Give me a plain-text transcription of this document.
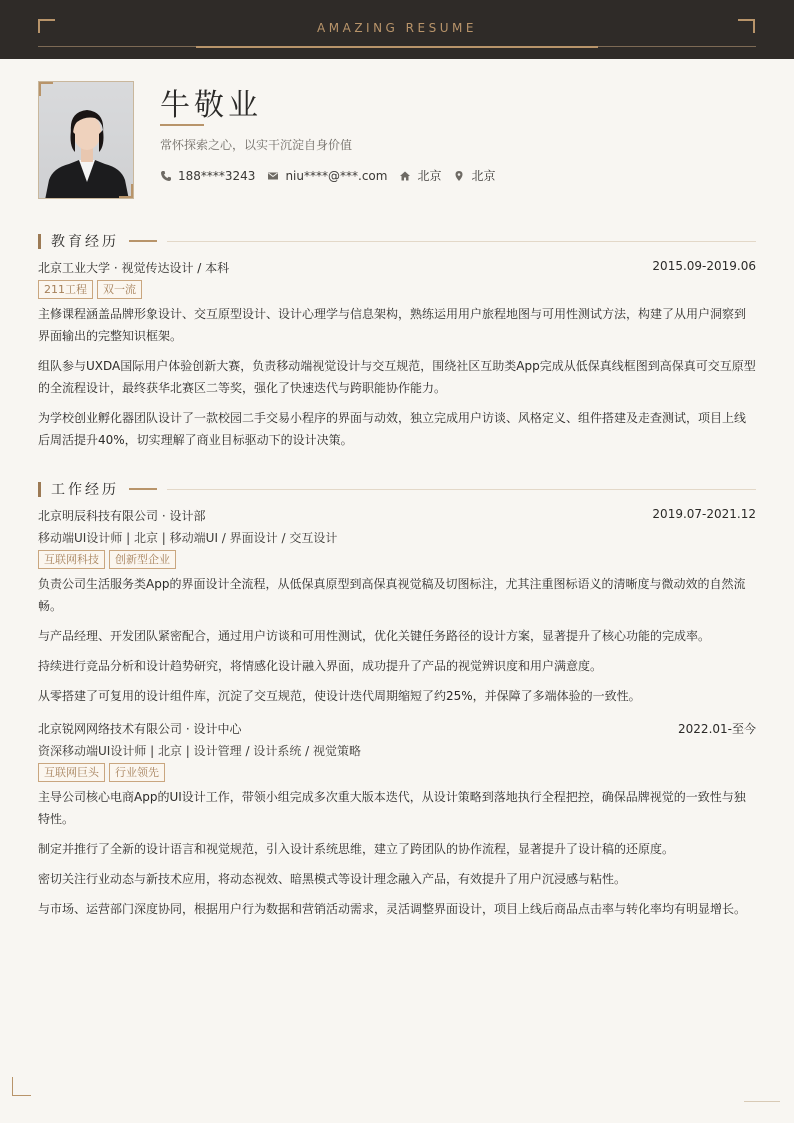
AMAZING RESUME
牛敬业
常怀探索之心，以实干沉淀自身价值
188****3243	niu****@***.com	北京	北京
教育经历
北京工业大学 · 视觉传达设计 / 本科	2015.09-2019.06
211工程	双一流
主修课程涵盖品牌形象设计、交互原型设计、设计心理学与信息架构，熟练运用用户旅程地图与可用性测试方法，构建了从用户洞察到界面输出的完整知识框架。
组队参与UXDA国际用户体验创新大赛，负责移动端视觉设计与交互规范，围绕社区互助类App完成从低保真线框图到高保真可交互原型的全流程设计，最终获华北赛区二等奖，强化了快速迭代与跨职能协作能力。
为学校创业孵化器团队设计了一款校园二手交易小程序的界面与动效，独立完成用户访谈、风格定义、组件搭建及走查测试，项目上线后周活提升40%，切实理解了商业目标驱动下的设计决策。
工作经历
北京明辰科技有限公司 · 设计部	2019.07-2021.12
移动端UI设计师 | 北京 | 移动端UI / 界面设计 / 交互设计
互联网科技	创新型企业
负责公司生活服务类App的界面设计全流程，从低保真原型到高保真视觉稿及切图标注，尤其注重图标语义的清晰度与微动效的自然流畅。
与产品经理、开发团队紧密配合，通过用户访谈和可用性测试，优化关键任务路径的设计方案，显著提升了核心功能的完成率。
持续进行竞品分析和设计趋势研究，将情感化设计融入界面，成功提升了产品的视觉辨识度和用户满意度。
从零搭建了可复用的设计组件库，沉淀了交互规范，使设计迭代周期缩短了约25%，并保障了多端体验的一致性。
北京锐网网络技术有限公司 · 设计中心	2022.01-至今
资深移动端UI设计师 | 北京 | 设计管理 / 设计系统 / 视觉策略
互联网巨头	行业领先
主导公司核心电商App的UI设计工作，带领小组完成多次重大版本迭代，从设计策略到落地执行全程把控，确保品牌视觉的一致性与独特性。
制定并推行了全新的设计语言和视觉规范，引入设计系统思维，建立了跨团队的协作流程，显著提升了设计稿的还原度。
密切关注行业动态与新技术应用，将动态视效、暗黑模式等设计理念融入产品，有效提升了用户沉浸感与粘性。
与市场、运营部门深度协同，根据用户行为数据和营销活动需求，灵活调整界面设计，项目上线后商品点击率与转化率均有明显增长。
